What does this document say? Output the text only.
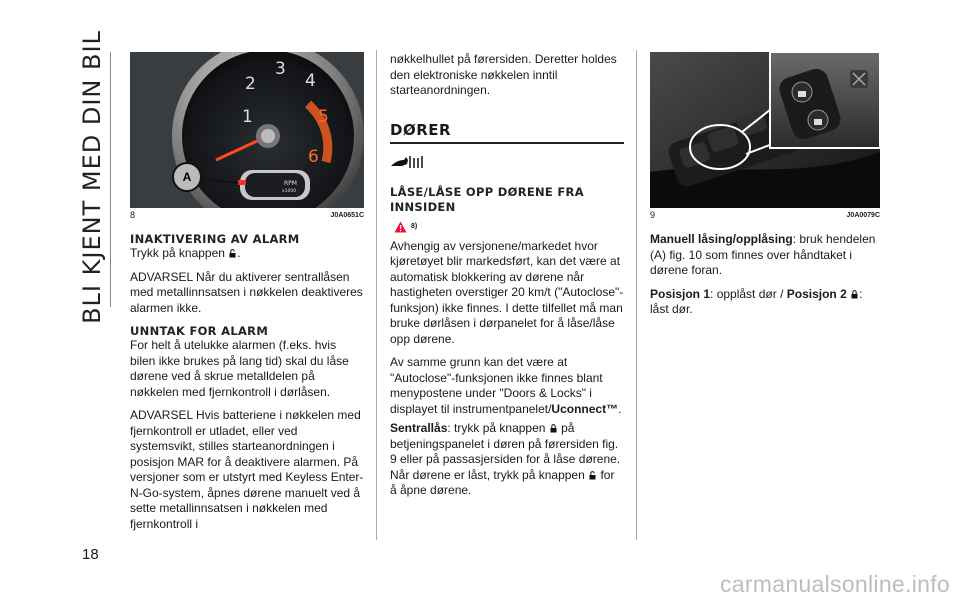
BLI KJENT MED DIN BIL
18
1
2
3
4
5
6
RPM
x1000
A
8	J0A0651C
INAKTIVERING AV ALARM

Trykk på knappen .

ADVARSEL Når du aktiverer sentrallåsen med metallinnsatsen i nøkkelen deaktiveres alarmen ikke.

UNNTAK FOR ALARM

For helt å utelukke alarmen (f.eks. hvis bilen ikke brukes på lang tid) skal du låse dørene ved å skrue metalldelen på nøkkelen med fjernkontroll i dørlåsen.

ADVARSEL Hvis batteriene i nøkkelen med fjernkontroll er utladet, eller ved systemsvikt, stilles starteanordningen i posisjon MAR for å deaktivere alarmen. På versjoner som er utstyrt med Keyless Enter-N-Go-system, åpnes dørene manuelt ved å sette metallinnsatsen i nøkkelen med fjernkontroll i

nøkkelhullet på førersiden. Deretter holdes den elektroniske nøkkelen inntil starteanordningen.

DØRER
LÅSE/LÅSE OPP DØRENE FRA INNSIDEN
8)

Avhengig av versjonene/markedet hvor kjøretøyet blir markedsført, kan det være at automatisk blokkering av dørene når hastigheten overstiger 20 km/t ("Autoclose"-funksjon) ikke finnes. I dette tilfellet må man bruke dørlåsen i dørpanelet for å låse/låse opp dørene.

Av samme grunn kan det være at "Autoclose"-funksjonen ikke finnes blant menypostene under "Doors & Locks" i displayet til instrumentpanelet/Uconnect™.

Sentrallås: trykk på knappen på betjeningspanelet i døren på førersiden fig. 9 eller på passasjersiden for å låse dørene. Når dørene er låst, trykk på knappen for å åpne dørene.

9	J0A0079C

Manuell låsing/opplåsing: bruk hendelen (A) fig. 10 som finnes over håndtaket i dørene foran.

Posisjon 1: opplåst dør / Posisjon 2 :
låst dør.

carmanualsonline.info
